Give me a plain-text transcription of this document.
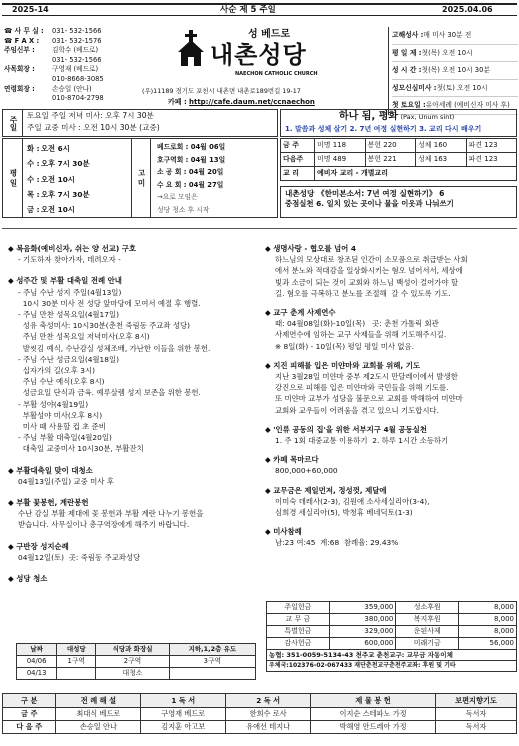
2025-14	사순 제 5 주일	2025.04.06
☎ 사 무 실 : 031- 532-1566
☎ F A X : 031- 532-1576
주임신부 :	김학수 (베드로)
031- 532-1566
사목회장 :	구영재 (베드로)
010-8668-3085
연령회장 :	손승일 (안나)
010-8704-2798
성 베드로
내촌성당
NAECHON CATHOLIC CHURCH
(우)11189 경기도 포천시 내촌면 내촌로189번길 19-17
카페 : http://cafe.daum.net/ccnaechon
고해성사 :매 미사 30분 전
평 일 제 :첫(목) 오전 10시
성 시 간 :첫(목) 오전 10시 30분
성모신심미사 :첫(토) 오전 10시
첫 토요일 :유아세례 (예비신자 미사 후)
주일	토요일 주일 저녁 미사: 오후 7시 30분
주일 교중 미사 : 오전 10시 30분 (교중)
하나 됨, 평화 (Pax, Unum sint)
1. 말씀과 성체 살기 2. 7년 여정 실현하기 3. 교리 다시 배우기
평 일
화 :오전 6시
수 :오후 7시 30분
수 :오전 10시
목 :오후 7시 30분
금 :오전 10시
고 미
베드로회 : 04월 06일
호구역회 : 04월 13일
소 공 회 : 04월 20일
수 요 회 : 04월 27일
→요로 모임은
성당 청소 후 시작
금 주	미명 118	봉헌 220	성체 160	파견 123
다음주	미명 489	봉헌 221	성체 163	파견 123
교 리	예비자 교리 - 개별교리			
내촌성당 《한미본소서: 7년 여정 실현하기》 6
중점실천 6. 일치 있는 곳이나 물을 이웃과 나눠쓰기
◆ 복음화(예비신자, 쉬는 양 선교) 구호
- 기도하자 찾아가자, 데려오자 -
◆ 성주간 및 부활 대축일 전례 안내
- 주님 수난 성지 주일(4월13일)
10시 30분 미사 전 성당 앞마당에 모여서 예절 후 행렬.
- 주님 만찬 성목요일(4월17일)
성유 축성미사: 10시30분(춘천 죽림동 주교좌 성당)
주님 만찬 성목요일 저녁미사(오후 8시)
발씻김 예식, 수난감실 성체조배, 가난한 이들을 위한 봉헌.
- 주님 수난 성금요일(4월18일)
십자가의 길(오후 3시)
주님 수난 예식(오후 8시)
성금요일 단식과 금육. 예루살렘 성지 보존을 위한 봉헌.
- 부활 성야(4월19일)
부활성야 미사(오후 8시)
미사 때 사용할 컵 초 준비
- 주님 부활 대축일(4월20일)
대축일 교중미사 10시30분, 부활잔치
◆ 부활대축일 맞이 대청소
04월13일(주일) 교중 미사 후
◆ 부활 꽃봉헌, 계란봉헌
수난 감실 부활 제대에 꽃 봉헌과 부활 계란 나누기 봉헌을
받습니다. 사무실이나 총구역장에게 해주기 바랍니다.
◆ 구반장 성지순례
04월12일(토)  곳: 죽림동 주교좌성당
◆ 성당 청소
날짜	대성당	식당과 화장실	지하,1,2층 유도
04/06	1구역	2구역	3구역
04/13		대청소	
◆ 생명사랑 - 협오를 넘어 4
하느님의 모상대로 창조된 인간이 소모품으로 취급받는 사회
에서 분노와 적대감을 일상화시키는 혐오 넘어서서, 세상에
빛과 소금이 되는 것이 교회와 하느님 백성이 걸어가야 할
길. 혐오를 극복하고 분노를 조절해  갈 수 있도록 기도.
◆ 교구 춘계 사제연수
때: 04월08일(화)-10일(목)   곳: 춘천 가톨릭 회관
사제연수에 임하는 교구 사제들을 위해 기도해주시길.
※ 8일(화) - 10일(목) 평일 평일 미사 없음.
◆ 지진 피해를 입은 미얀마와 교회를 위해, 기도
지난 3월28일 미얀마 중부 제2도시 만달레이에서 발생한
강진으로 피해를 입은 미얀마와 국민들을 위해 기도를.
또 미얀마 교부가 성당을 불문으로 교회를 박해하여 미얀마
교회와 교우들이 어려움을 겪고 있으니 기도합시다.
◆ '인류 공동의 집'을 위한 서부지구 4월 공동실천
1. 주 1회 대중교통 이용하기  2. 하루 1시간 소등하기
◆ 카페 목마르다
800,000+60,000
◆ 교무금은 제일먼저, 정성껏, 제달에
이미숙 데레사(2-3), 김원애 소사세실리아(3-4),
심희경 세실리아(5), 박청휴 베네딕토(1-3)
◆ 미사참례
남:23 여:45  계:68  참례율: 29.43%
주일헌금	359,000	성소후원	8,000
교 무 금	380,000	복지후원	8,000
특별헌금	329,000	운된사제	8,000
감사헌금	600,000	미래기금	56,000
농협: 351-0059-5134-43 천주교 춘천교구: 교무금 자동이체
우체국:102376-02-067433 재단춘천교구춘천주교좌: 후원 및 기타
구 분	전 례 해 설	1 독 서	2 독 서	제 물 봉 헌	보편지향기도
금 주	최대식 베드로	구영재 베드로	한희수 로사	이지순 스테파노 가정	독서자
다 음 주	손승일 안나	김지훈 아고보	유애선 테지나	박해영 안드레아 가정	독서자
